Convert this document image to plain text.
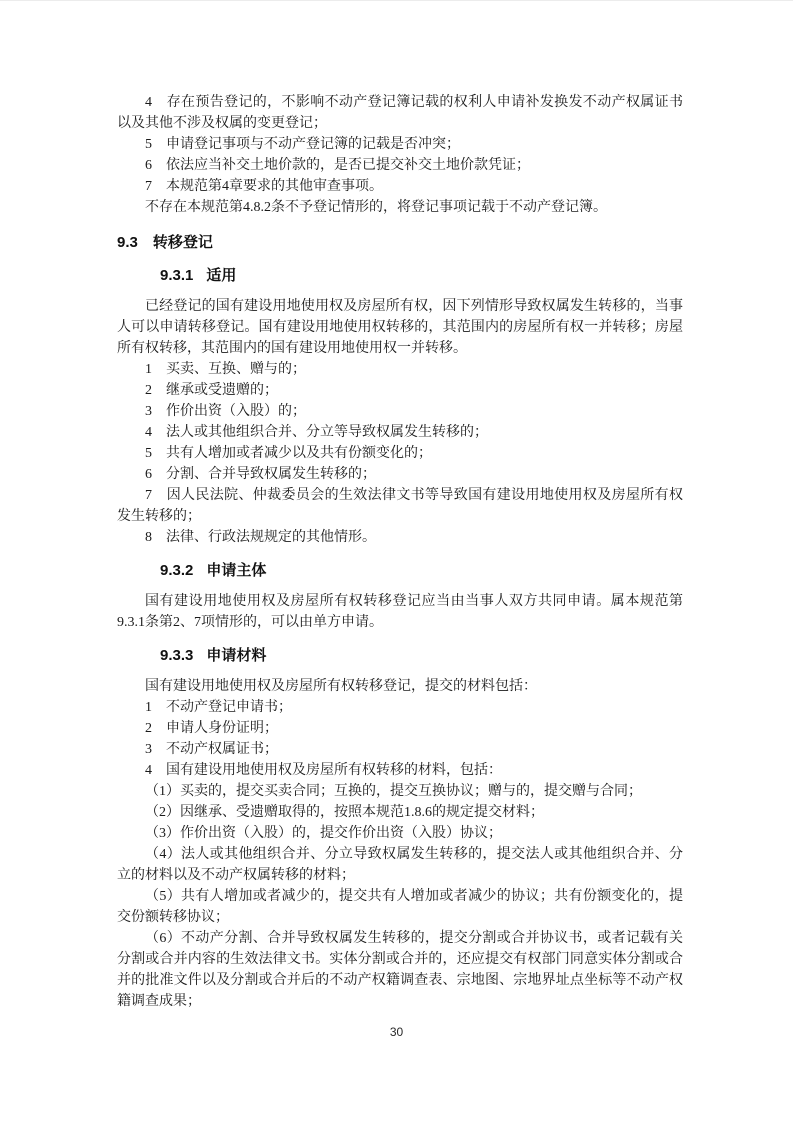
4　存在预告登记的，不影响不动产登记簿记载的权利人申请补发换发不动产权属证书以及其他不涉及权属的变更登记；

5　申请登记事项与不动产登记簿的记载是否冲突；

6　依法应当补交土地价款的，是否已提交补交土地价款凭证；

7　本规范第4章要求的其他审查事项。

不存在本规范第4.8.2条不予登记情形的，将登记事项记载于不动产登记簿。

9.3 转移登记
9.3.1 适用

已经登记的国有建设用地使用权及房屋所有权，因下列情形导致权属发生转移的，当事人可以申请转移登记。国有建设用地使用权转移的，其范围内的房屋所有权一并转移；房屋所有权转移，其范围内的国有建设用地使用权一并转移。

1　买卖、互换、赠与的；

2　继承或受遗赠的；

3　作价出资（入股）的；

4　法人或其他组织合并、分立等导致权属发生转移的；

5　共有人增加或者减少以及共有份额变化的；

6　分割、合并导致权属发生转移的；

7　因人民法院、仲裁委员会的生效法律文书等导致国有建设用地使用权及房屋所有权发生转移的；

8　法律、行政法规规定的其他情形。

9.3.2 申请主体

国有建设用地使用权及房屋所有权转移登记应当由当事人双方共同申请。属本规范第9.3.1条第2、7项情形的，可以由单方申请。

9.3.3 申请材料

国有建设用地使用权及房屋所有权转移登记，提交的材料包括：

1　不动产登记申请书；

2　申请人身份证明；

3　不动产权属证书；

4　国有建设用地使用权及房屋所有权转移的材料，包括：

（1）买卖的，提交买卖合同；互换的，提交互换协议；赠与的，提交赠与合同；

（2）因继承、受遗赠取得的，按照本规范1.8.6的规定提交材料；

（3）作价出资（入股）的，提交作价出资（入股）协议；

（4）法人或其他组织合并、分立导致权属发生转移的，提交法人或其他组织合并、分立的材料以及不动产权属转移的材料；

（5）共有人增加或者减少的，提交共有人增加或者减少的协议；共有份额变化的，提交份额转移协议；

（6）不动产分割、合并导致权属发生转移的，提交分割或合并协议书，或者记载有关分割或合并内容的生效法律文书。实体分割或合并的，还应提交有权部门同意实体分割或合并的批准文件以及分割或合并后的不动产权籍调查表、宗地图、宗地界址点坐标等不动产权籍调查成果；

30
